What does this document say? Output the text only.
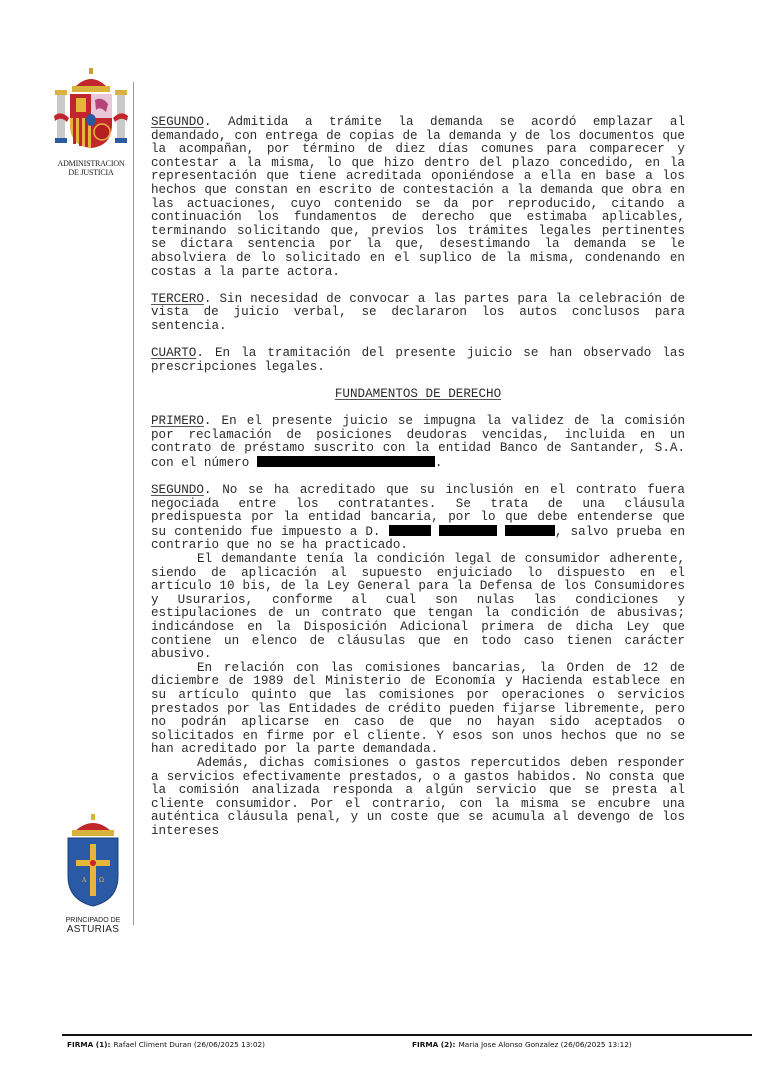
ADMINISTRACION
DE JUSTICIA

SEGUNDO. Admitida a trámite la demanda se acordó emplazar al demandado, con entrega de copias de la demanda y de los documentos que la acompañan, por término de diez días comunes para comparecer y contestar a la misma, lo que hizo dentro del plazo concedido, en la representación que tiene acreditada oponiéndose a ella en base a los hechos que constan en escrito de contestación a la demanda que obra en las actuaciones, cuyo contenido se da por reproducido, citando a continuación los fundamentos de derecho que estimaba aplicables, terminando solicitando que, previos los trámites legales pertinentes se dictara sentencia por la que, desestimando la demanda se le absolviera de lo solicitado en el suplico de la misma, condenando en costas a la parte actora.

TERCERO. Sin necesidad de convocar a las partes para la celebración de vista de juicio verbal, se declararon los autos conclusos para sentencia.

CUARTO. En la tramitación del presente juicio se han observado las prescripciones legales.

FUNDAMENTOS DE DERECHO

PRIMERO. En el presente juicio se impugna la validez de la comisión por reclamación de posiciones deudoras vencidas, incluida en un contrato de préstamo suscrito con la entidad Banco de Santander, S.A. con el número	.

SEGUNDO. No se ha acreditado que su inclusión en el contrato fuera negociada entre los contratantes. Se trata de una cláusula predispuesta por la entidad bancaria, por lo que debe entenderse que su contenido fue impuesto a D.	, salvo prueba en contrario que no se ha practicado.

El demandante tenía la condición legal de consumidor adherente, siendo de aplicación al supuesto enjuiciado lo dispuesto en el artículo 10 bis, de la Ley General para la Defensa de los Consumidores y Usurarios, conforme al cual son nulas las condiciones y estipulaciones de un contrato que tengan la condición de abusivas; indicándose en la Disposición Adicional primera de dicha Ley que contiene un elenco de cláusulas que en todo caso tienen carácter abusivo.

En relación con las comisiones bancarias, la Orden de 12 de diciembre de 1989 del Ministerio de Economía y Hacienda establece en su artículo quinto que las comisiones por operaciones o servicios prestados por las Entidades de crédito pueden fijarse libremente, pero no podrán aplicarse en caso de que no hayan sido aceptados o solicitados en firme por el cliente. Y esos son unos hechos que no se han acreditado por la parte demandada.

Además, dichas comisiones o gastos repercutidos deben responder a servicios efectivamente prestados, o a gastos habidos. No consta que la comisión analizada responda a algún servicio que se presta al cliente consumidor. Por el contrario, con la misma se encubre una auténtica cláusula penal, y un coste que se acumula al devengo de los intereses

A Ω
PRINCIPADO DE
ASTURIAS
FIRMA (1): Rafael Climent Duran (26/06/2025 13:02)	FIRMA (2): Maria Jose Alonso Gonzalez (26/06/2025 13:12)
